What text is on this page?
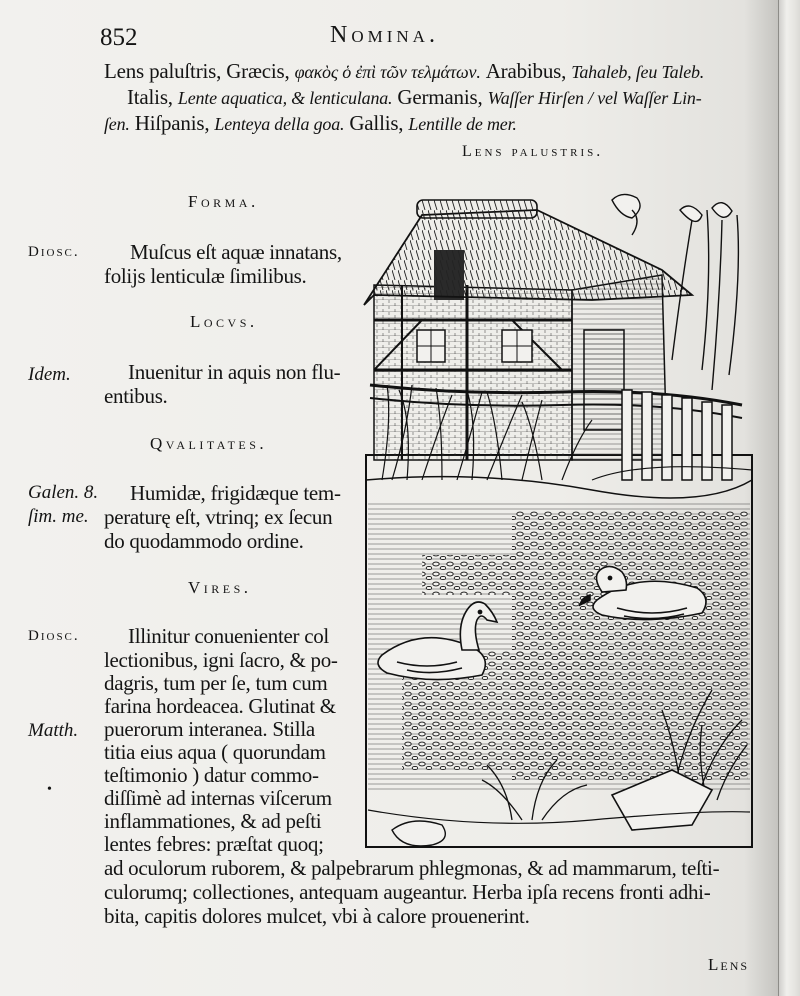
852	Nomina.
Lens paluſtris, Græcis, φακὸς ὁ ἐπὶ τῶν τελμάτων. Arabibus, Tahaleb, ſeu Taleb.
Italis, Lente aquatica, & lenticulana. Germanis, Waſſer Hirſen / vel Waſſer Lin-
ſen. Hiſpanis, Lenteya della goa. Gallis, Lentille de mer.
Lens paluſtris.
Forma.
Diosc. Muſcus eſt aquæ innatans,
folijs lenticulæ ſimilibus.
Locvs.
Idem.	Inuenitur in aquis non flu-
entibus.
Qvalitates.
Galen. 8.
ſim. me.
Humidæ, frigidæque tem-
peraturę eſt, vtrinq; ex ſecun
do quodammodo ordine.
Vires.
Diosc.
Matth.
•
Illinitur conuenienter col
lectionibus, igni ſacro, & po-
dagris, tum per ſe, tum cum
farina hordeacea. Glutinat &
puerorum interanea. Stilla
titia eius aqua ( quorundam
teſtimonio ) datur commo-
diſſimè ad internas viſcerum
inflammationes, & ad peſti
lentes febres: præſtat quoq;
ad oculorum ruborem, & palpebrarum phlegmonas, & ad mammarum, teſti-
culorumq; collectiones, antequam augeantur. Herba ipſa recens fronti adhi-
bita, capitis dolores mulcet, vbi à calore prouenerint.
Lens
